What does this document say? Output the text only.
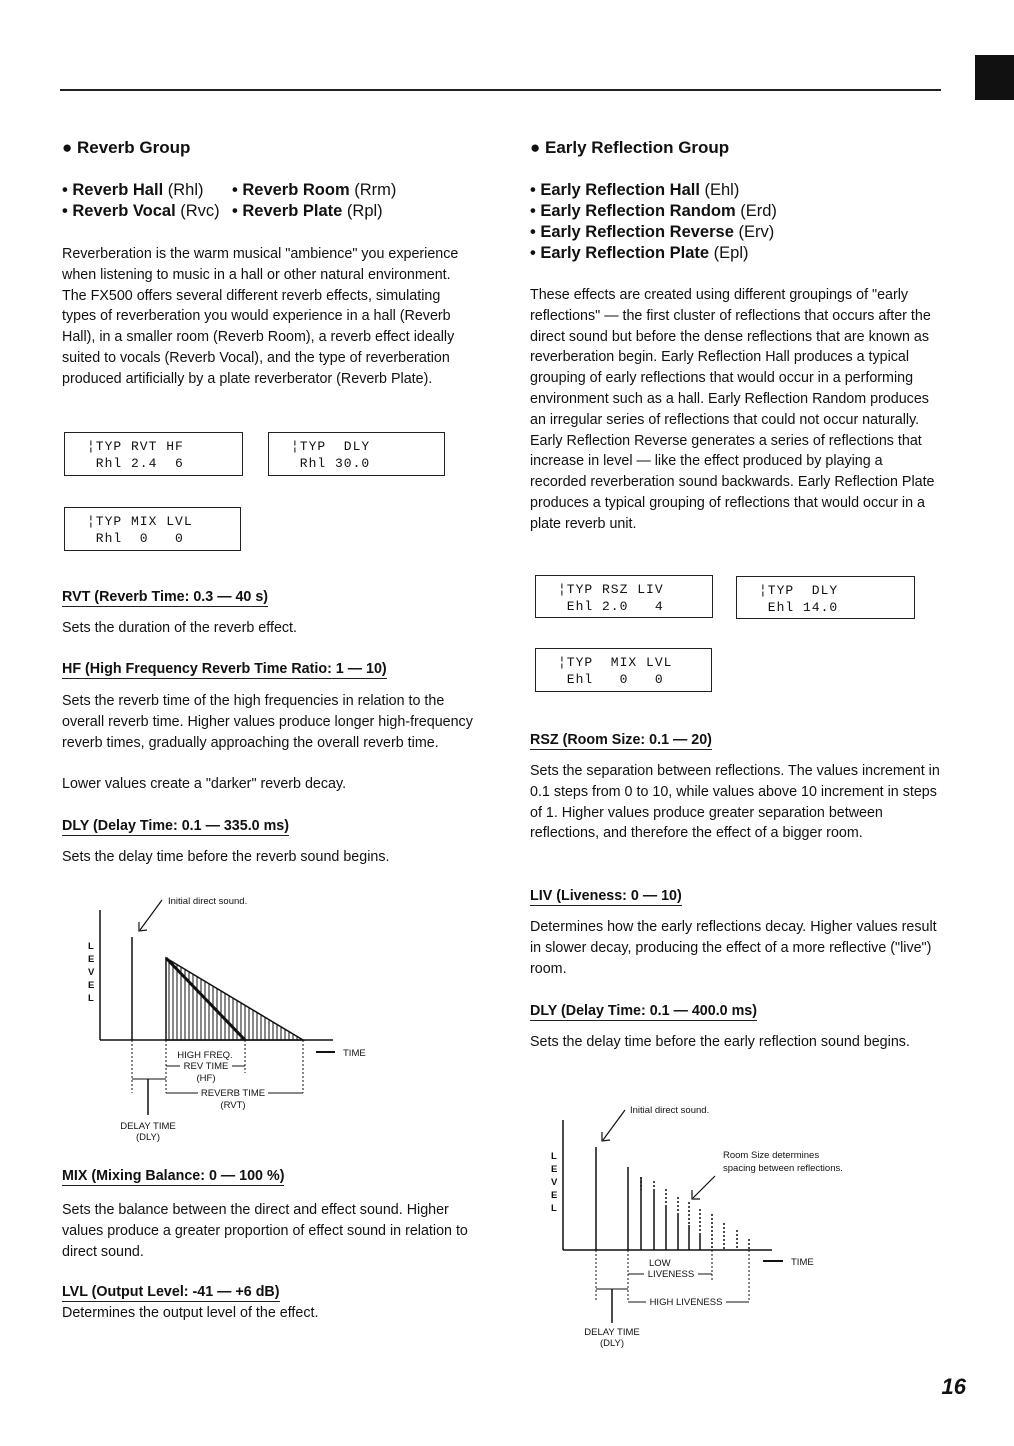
● Reverb Group
• Reverb Hall (Rhl) • Reverb Room (Rrm)
• Reverb Vocal (Rvc) • Reverb Plate (Rpl)
Reverberation is the warm musical "ambience" you experience when listening to music in a hall or other natural environment. The FX500 offers several different reverb effects, simulating types of reverberation you would experience in a hall (Reverb Hall), in a smaller room (Reverb Room), a reverb effect ideally suited to vocals (Reverb Vocal), and the type of reverberation produced artificially by a plate reverberator (Reverb Plate).
¦TYP RVT HF
Rhl 2.4  6
¦TYP  DLY
Rhl 30.0
¦TYP MIX LVL
Rhl  0   0
RVT (Reverb Time: 0.3 — 40 s)
Sets the duration of the reverb effect.
HF (High Frequency Reverb Time Ratio: 1 — 10)
Sets the reverb time of the high frequencies in relation to the overall reverb time. Higher values produce longer high-frequency reverb times, gradually approaching the overall reverb time.
Lower values create a "darker" reverb decay.
DLY (Delay Time: 0.1 — 335.0 ms)
Sets the delay time before the reverb sound begins.
Initial direct sound.
L
E
V
E
L
TIME
HIGH FREQ.
REV TIME
(HF)
REVERB TIME
(RVT)
DELAY TIME
(DLY)
MIX (Mixing Balance: 0 — 100 %)
Sets the balance between the direct and effect sound. Higher values produce a greater proportion of effect sound in relation to direct sound.
LVL (Output Level: -41 — +6 dB)
Determines the output level of the effect.
● Early Reflection Group
• Early Reflection Hall (Ehl)
• Early Reflection Random (Erd)
• Early Reflection Reverse (Erv)
• Early Reflection Plate (Epl)
These effects are created using different groupings of "early reflections" — the first cluster of reflections that occurs after the direct sound but before the dense reflections that are known as reverberation begin. Early Reflection Hall produces a typical grouping of early reflections that would occur in a performing environment such as a hall. Early Reflection Random produces an irregular series of reflections that could not occur naturally. Early Reflection Reverse generates a series of reflections that increase in level — like the effect produced by playing a recorded reverberation sound backwards. Early Reflection Plate produces a typical grouping of reflections that would occur in a plate reverb unit.
¦TYP RSZ LIV
Ehl 2.0   4
¦TYP  DLY
Ehl 14.0
¦TYP  MIX LVL
Ehl   0   0
RSZ (Room Size: 0.1 — 20)
Sets the separation between reflections. The values increment in 0.1 steps from 0 to 10, while values above 10 increment in steps of 1. Higher values produce greater separation between reflections, and therefore the effect of a bigger room.
LIV (Liveness: 0 — 10)
Determines how the early reflections decay. Higher values result in slower decay, producing the effect of a more reflective ("live") room.
DLY (Delay Time: 0.1 — 400.0 ms)
Sets the delay time before the early reflection sound begins.
Initial direct sound.
L
E
V
E
L
Room Size determines
spacing between reflections.
TIME
LOW
LIVENESS
HIGH LIVENESS
DELAY TIME
(DLY)
16
